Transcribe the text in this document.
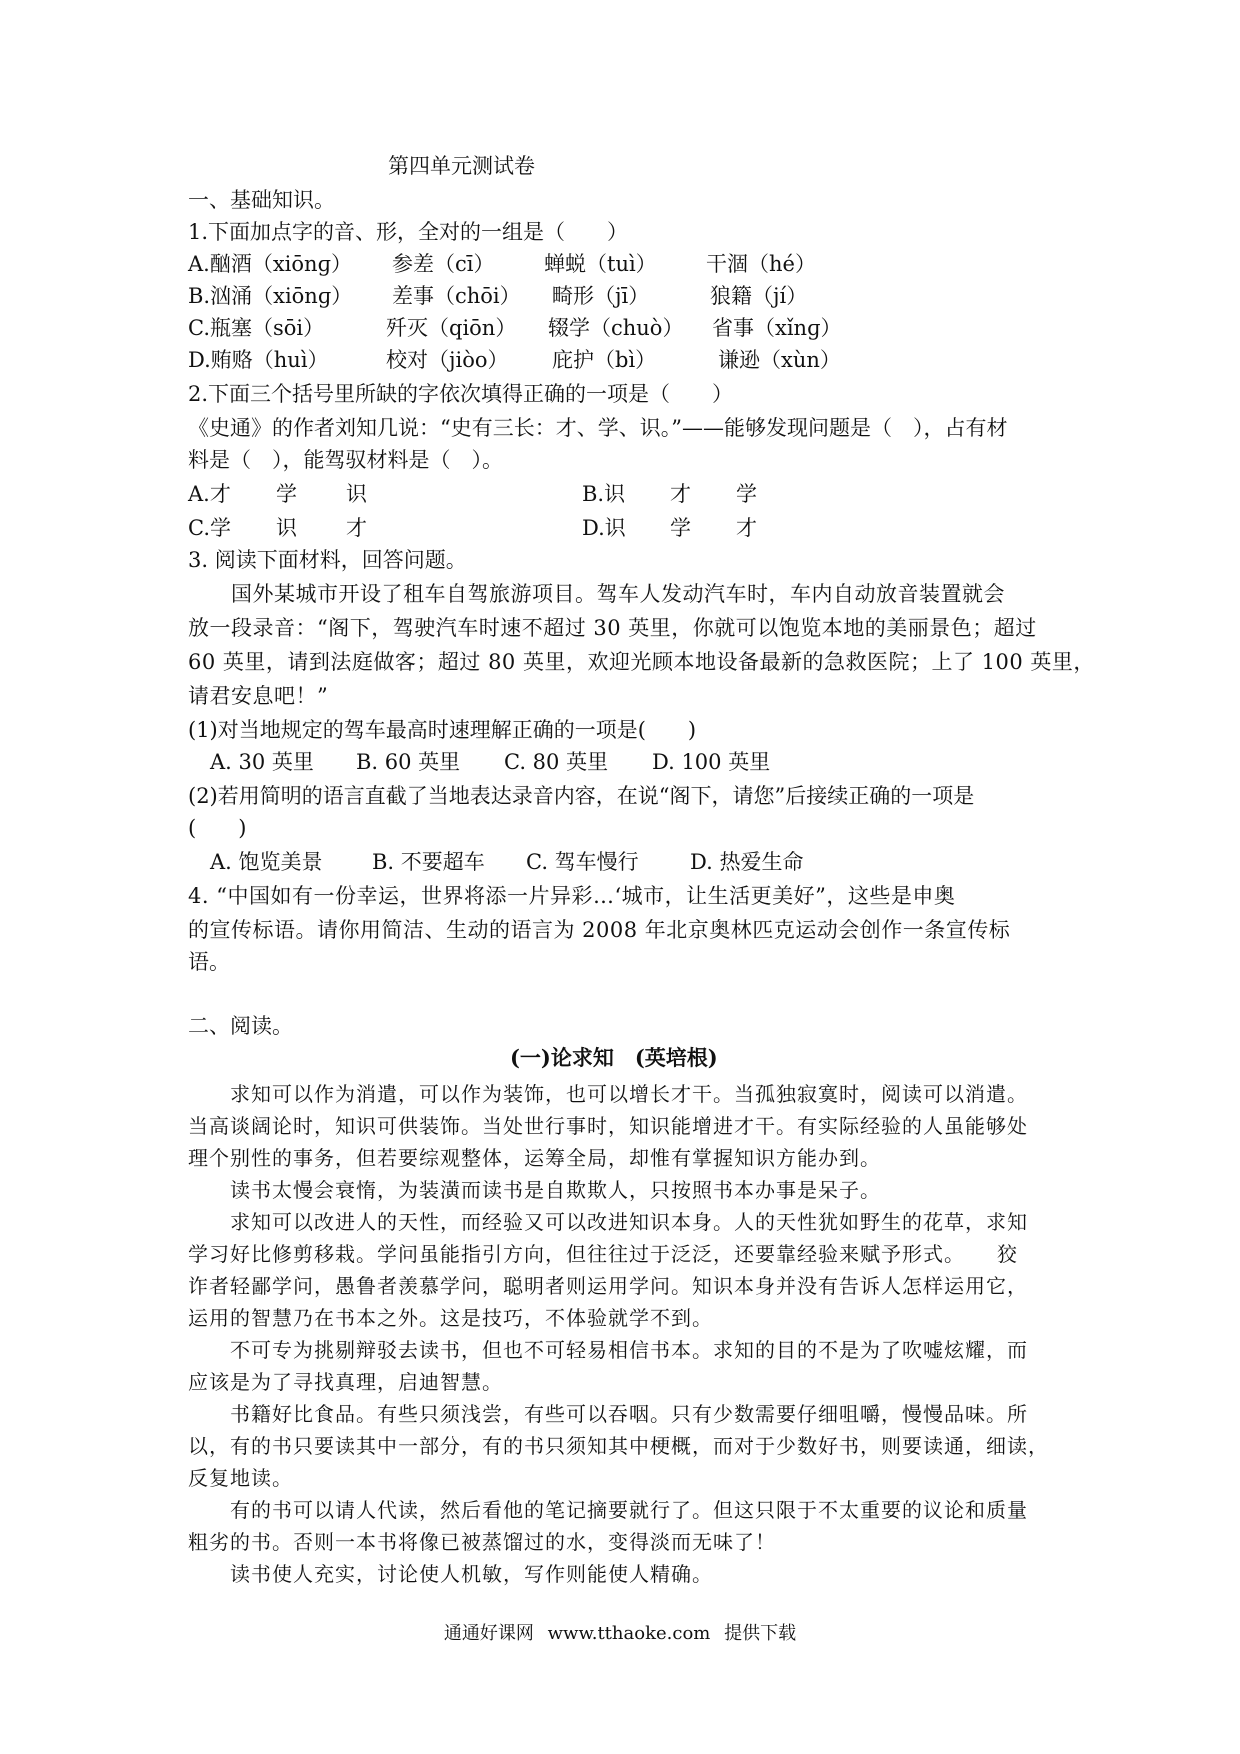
第四单元测试卷
一、基础知识。
1.下面加点字的音、形，全对的一组是（　　）
A.酗酒（xiōnɡ） 参差（cī） 蝉蜕（tuì） 干涸（hé）
B.汹涌（xiōnɡ） 差事（chōi） 畸形（jī）	狼籍（jí）
C.瓶塞（sōi）	歼灭（qiōn） 辍学（chuò） 省事（xǐnɡ）
D.贿赂（huì）	校对（jiòo） 庇护（bì）	谦逊（xùn）
2.下面三个括号里所缺的字依次填得正确的一项是（　　）
《史通》的作者刘知几说：“史有三长：才、学、识。”——能够发现问题是（　），占有材
料是（　），能驾驭材料是（　）。
A.才 学 识	B.识 才 学
C.学 识 才	D.识 学 才
3. 阅读下面材料，回答问题。
　　国外某城市开设了租车自驾旅游项目。驾车人发动汽车时，车内自动放音装置就会
放一段录音：“阁下，驾驶汽车时速不超过 30 英里，你就可以饱览本地的美丽景色；超过
60 英里，请到法庭做客；超过 80 英里，欢迎光顾本地设备最新的急救医院；上了 100 英里，
请君安息吧！”
(1)对当地规定的驾车最高时速理解正确的一项是(　　)
A. 30 英里 B. 60 英里 C. 80 英里 D. 100 英里
(2)若用简明的语言直截了当地表达录音内容，在说“阁下，请您”后接续正确的一项是
(　　)
A. 饱览美景 B. 不要超车 C. 驾车慢行 D. 热爱生命
4. “中国如有一份幸运，世界将添一片异彩…‘城市，让生活更美好”，这些是申奥
的宣传标语。请你用简洁、生动的语言为 2008 年北京奥林匹克运动会创作一条宣传标
语。
二、阅读。
(一)论求知　(英培根)
　　求知可以作为消遣，可以作为装饰，也可以增长才干。当孤独寂寞时，阅读可以消遣。
当高谈阔论时，知识可供装饰。当处世行事时，知识能增进才干。有实际经验的人虽能够处
理个别性的事务，但若要综观整体，运筹全局，却惟有掌握知识方能办到。
　　读书太慢会衰惰，为装潢而读书是自欺欺人，只按照书本办事是呆子。
　　求知可以改进人的天性，而经验又可以改进知识本身。人的天性犹如野生的花草，求知
学习好比修剪移栽。学问虽能指引方向，但往往过于泛泛，还要靠经验来赋予形式。　　狡
诈者轻鄙学问，愚鲁者羡慕学问，聪明者则运用学问。知识本身并没有告诉人怎样运用它，
运用的智慧乃在书本之外。这是技巧，不体验就学不到。
　　不可专为挑剔辩驳去读书，但也不可轻易相信书本。求知的目的不是为了吹嘘炫耀，而
应该是为了寻找真理，启迪智慧。
　　书籍好比食品。有些只须浅尝，有些可以吞咽。只有少数需要仔细咀嚼，慢慢品味。所
以，有的书只要读其中一部分，有的书只须知其中梗概，而对于少数好书，则要读通，细读，
反复地读。
　　有的书可以请人代读，然后看他的笔记摘要就行了。但这只限于不太重要的议论和质量
粗劣的书。否则一本书将像已被蒸馏过的水，变得淡而无味了！
　　读书使人充实，讨论使人机敏，写作则能使人精确。
通通好课网 www.tthaoke.com 提供下载
